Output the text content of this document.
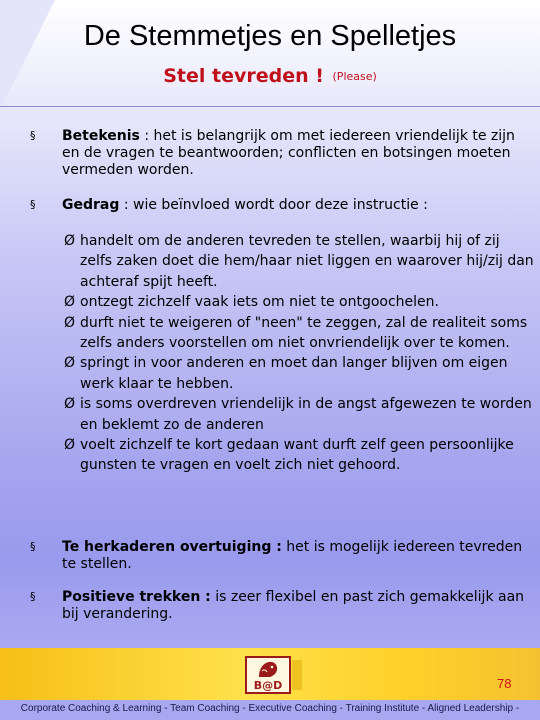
De Stemmetjes en Spelletjes
Stel tevreden ! (Please)
§ Betekenis : het is belangrijk om met iedereen vriendelijk te zijn en de vragen te beantwoorden; conflicten en botsingen moeten vermeden worden.
§ Gedrag : wie beïnvloed wordt door deze instructie :
Ø handelt om de anderen tevreden te stellen, waarbij hij of zij zelfs zaken doet die hem/haar niet liggen en waarover hij/zij dan achteraf spijt heeft.
Ø ontzegt zichzelf vaak iets om niet te ontgoochelen.
Ø durft niet te weigeren of "neen" te zeggen, zal de realiteit soms zelfs anders voorstellen om niet onvriendelijk over te komen.
Ø springt in voor anderen en moet dan langer blijven om eigen werk klaar te hebben.
Ø is soms overdreven vriendelijk in de angst afgewezen te worden en beklemt zo de anderen
Ø voelt zichzelf te kort gedaan want durft zelf geen persoonlijke gunsten te vragen en voelt zich niet gehoord.
§ Te herkaderen overtuiging : het is mogelijk iedereen tevreden te stellen.
§ Positieve trekken : is zeer flexibel en past zich gemakkelijk aan bij verandering.
B@D	78
Corporate Coaching & Learning - Team Coaching - Executive Coaching - Training Institute - Aligned Leadership -
